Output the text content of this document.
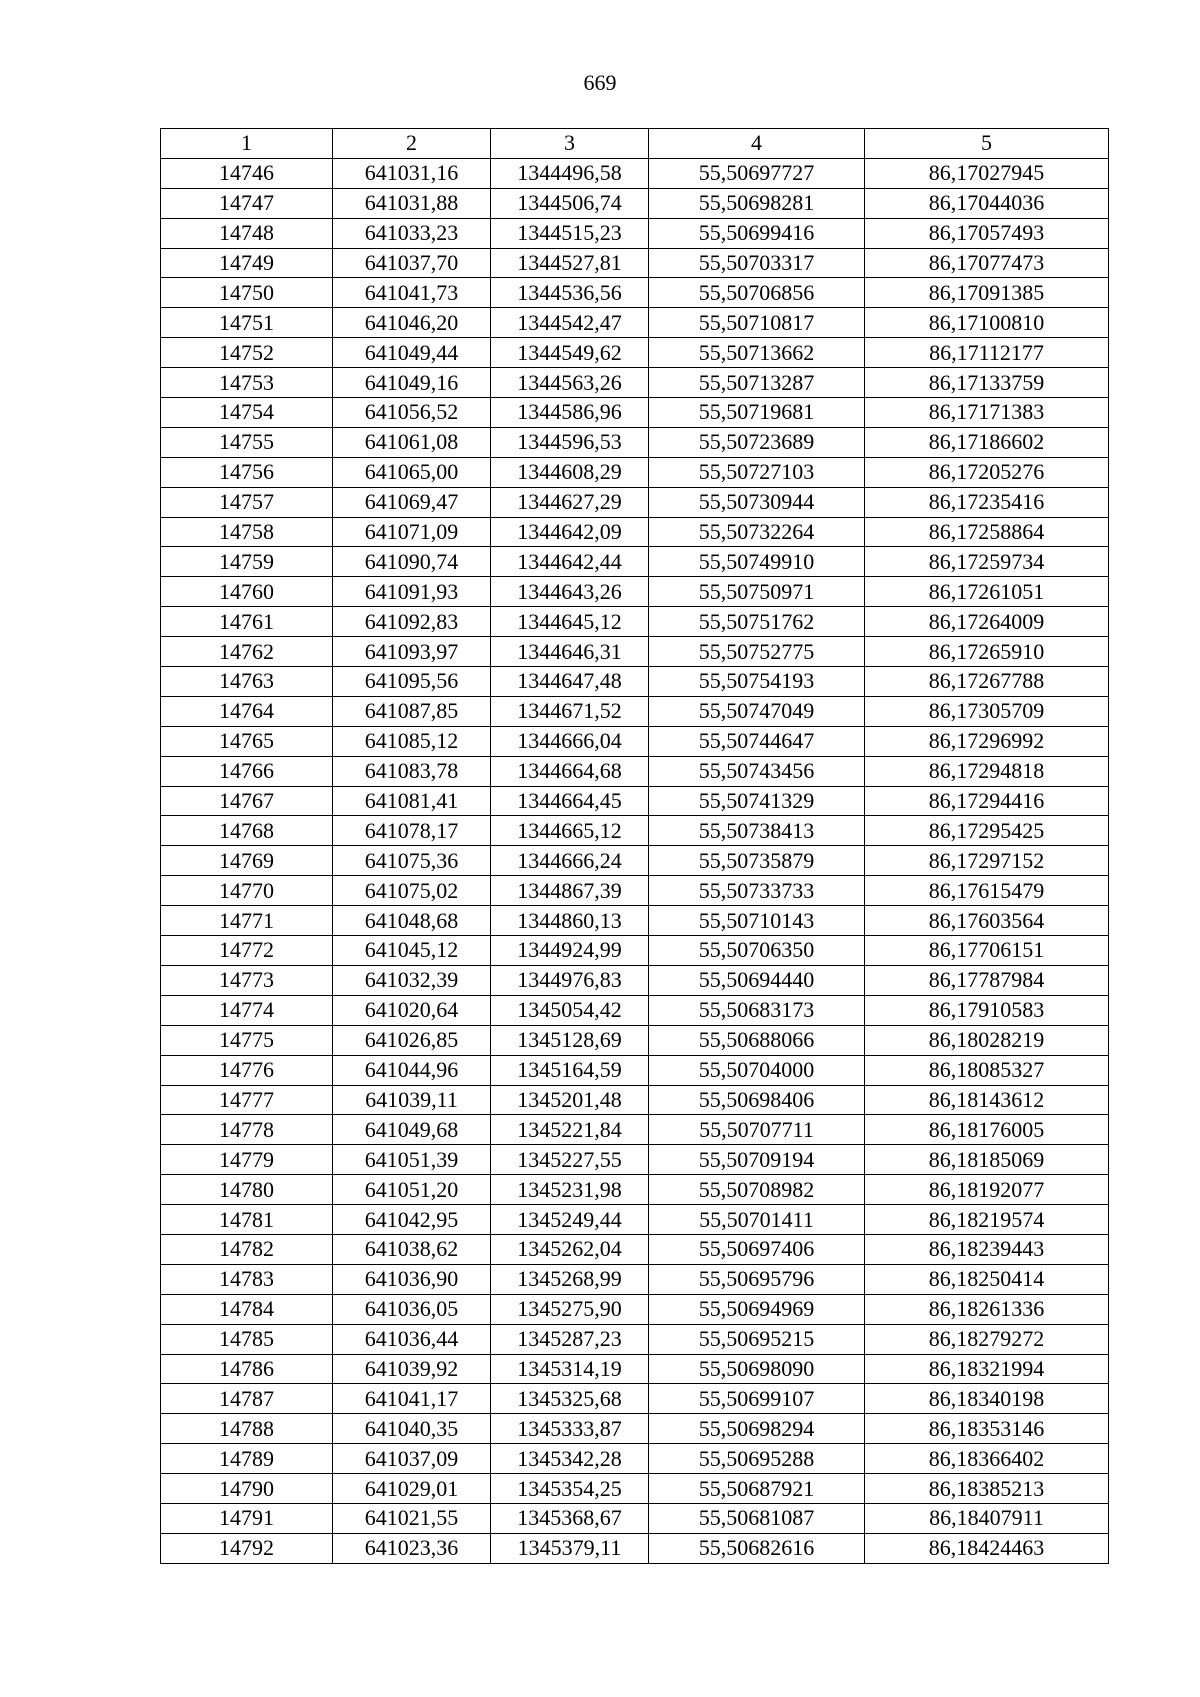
669
1	2	3	4	5
14746	641031,16	1344496,58	55,50697727	86,17027945
14747	641031,88	1344506,74	55,50698281	86,17044036
14748	641033,23	1344515,23	55,50699416	86,17057493
14749	641037,70	1344527,81	55,50703317	86,17077473
14750	641041,73	1344536,56	55,50706856	86,17091385
14751	641046,20	1344542,47	55,50710817	86,17100810
14752	641049,44	1344549,62	55,50713662	86,17112177
14753	641049,16	1344563,26	55,50713287	86,17133759
14754	641056,52	1344586,96	55,50719681	86,17171383
14755	641061,08	1344596,53	55,50723689	86,17186602
14756	641065,00	1344608,29	55,50727103	86,17205276
14757	641069,47	1344627,29	55,50730944	86,17235416
14758	641071,09	1344642,09	55,50732264	86,17258864
14759	641090,74	1344642,44	55,50749910	86,17259734
14760	641091,93	1344643,26	55,50750971	86,17261051
14761	641092,83	1344645,12	55,50751762	86,17264009
14762	641093,97	1344646,31	55,50752775	86,17265910
14763	641095,56	1344647,48	55,50754193	86,17267788
14764	641087,85	1344671,52	55,50747049	86,17305709
14765	641085,12	1344666,04	55,50744647	86,17296992
14766	641083,78	1344664,68	55,50743456	86,17294818
14767	641081,41	1344664,45	55,50741329	86,17294416
14768	641078,17	1344665,12	55,50738413	86,17295425
14769	641075,36	1344666,24	55,50735879	86,17297152
14770	641075,02	1344867,39	55,50733733	86,17615479
14771	641048,68	1344860,13	55,50710143	86,17603564
14772	641045,12	1344924,99	55,50706350	86,17706151
14773	641032,39	1344976,83	55,50694440	86,17787984
14774	641020,64	1345054,42	55,50683173	86,17910583
14775	641026,85	1345128,69	55,50688066	86,18028219
14776	641044,96	1345164,59	55,50704000	86,18085327
14777	641039,11	1345201,48	55,50698406	86,18143612
14778	641049,68	1345221,84	55,50707711	86,18176005
14779	641051,39	1345227,55	55,50709194	86,18185069
14780	641051,20	1345231,98	55,50708982	86,18192077
14781	641042,95	1345249,44	55,50701411	86,18219574
14782	641038,62	1345262,04	55,50697406	86,18239443
14783	641036,90	1345268,99	55,50695796	86,18250414
14784	641036,05	1345275,90	55,50694969	86,18261336
14785	641036,44	1345287,23	55,50695215	86,18279272
14786	641039,92	1345314,19	55,50698090	86,18321994
14787	641041,17	1345325,68	55,50699107	86,18340198
14788	641040,35	1345333,87	55,50698294	86,18353146
14789	641037,09	1345342,28	55,50695288	86,18366402
14790	641029,01	1345354,25	55,50687921	86,18385213
14791	641021,55	1345368,67	55,50681087	86,18407911
14792	641023,36	1345379,11	55,50682616	86,18424463
